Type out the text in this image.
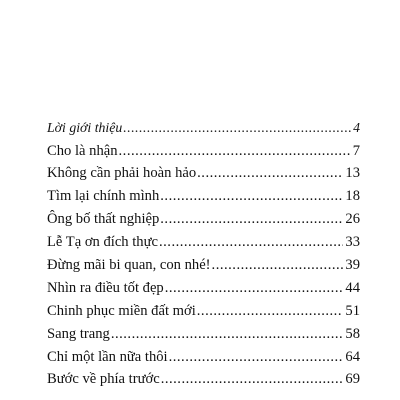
Lời giới thiệu .....	4
Cho là nhận .....	7
Không cần phải hoàn hảo .....	13
Tìm lại chính mình .....	18
Ông bố thất nghiệp .....	26
Lễ Tạ ơn đích thực .....	33
Đừng mãi bi quan, con nhé! .....	39
Nhìn ra điều tốt đẹp .....	44
Chinh phục miền đất mới .....	51
Sang trang .....	58
Chỉ một lần nữa thôi .....	64
Bước về phía trước .....	69
